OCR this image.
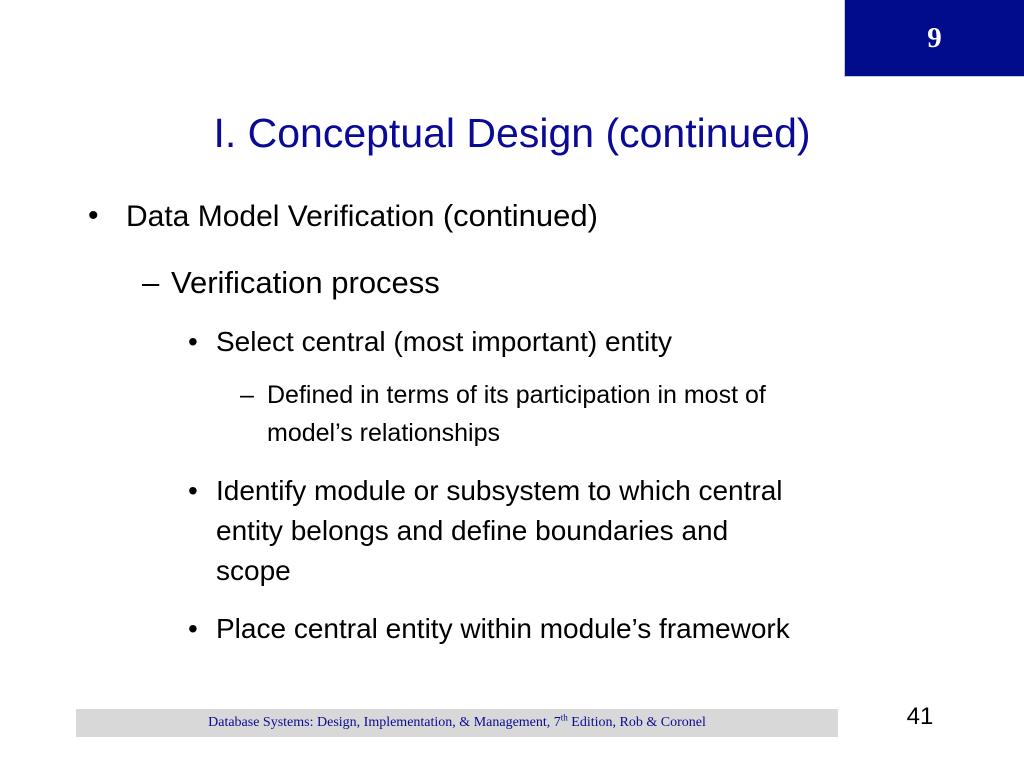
9
I. Conceptual Design (continued)
• Data Model Verification (continued)
– Verification process
• Select central (most important) entity
– Defined in terms of its participation in most of
model’s relationships
• Identify module or subsystem to which central
entity belongs and define boundaries and
scope
• Place central entity within module’s framework
Database Systems: Design, Implementation, & Management, 7th Edition, Rob & Coronel	41
